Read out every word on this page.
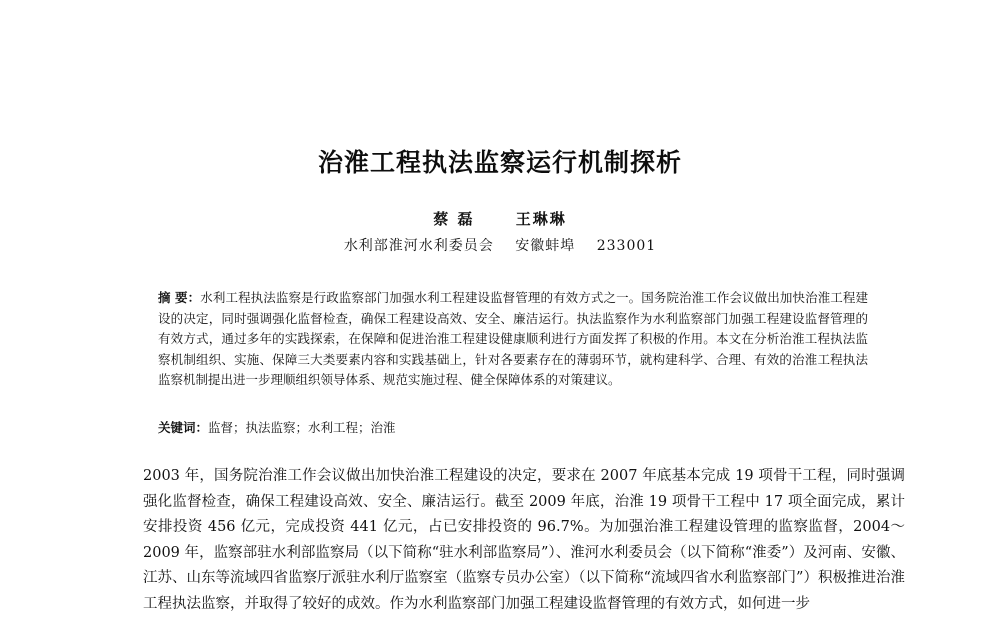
治淮工程执法监察运行机制探析
蔡 磊	王琳琳
水利部淮河水利委员会 安徽蚌埠 233001
摘 要：水利工程执法监察是行政监察部门加强水利工程建设监督管理的有效方式之一。国务院治淮工作会议做出加快治淮工程建设的决定，同时强调强化监督检查，确保工程建设高效、安全、廉洁运行。执法监察作为水利监察部门加强工程建设监督管理的有效方式，通过多年的实践探索，在保障和促进治淮工程建设健康顺利进行方面发挥了积极的作用。本文在分析治淮工程执法监察机制组织、实施、保障三大类要素内容和实践基础上，针对各要素存在的薄弱环节，就构建科学、合理、有效的治淮工程执法监察机制提出进一步理顺组织领导体系、规范实施过程、健全保障体系的对策建议。
关键词：监督；执法监察；水利工程；治淮

2003 年，国务院治淮工作会议做出加快治淮工程建设的决定，要求在 2007 年底基本完成 19 项骨干工程，同时强调强化监督检查，确保工程建设高效、安全、廉洁运行。截至 2009 年底，治淮 19 项骨干工程中 17 项全面完成，累计安排投资 456 亿元，完成投资 441 亿元，占已安排投资的 96.7%。为加强治淮工程建设管理的监察监督，2004～2009 年，监察部驻水利部监察局（以下简称“驻水利部监察局”）、淮河水利委员会（以下简称“淮委”）及河南、安徽、江苏、山东等流域四省监察厅派驻水利厅监察室（监察专员办公室）（以下简称“流域四省水利监察部门”）积极推进治淮工程执法监察，并取得了较好的成效。作为水利监察部门加强工程建设监督管理的有效方式，如何进一步
